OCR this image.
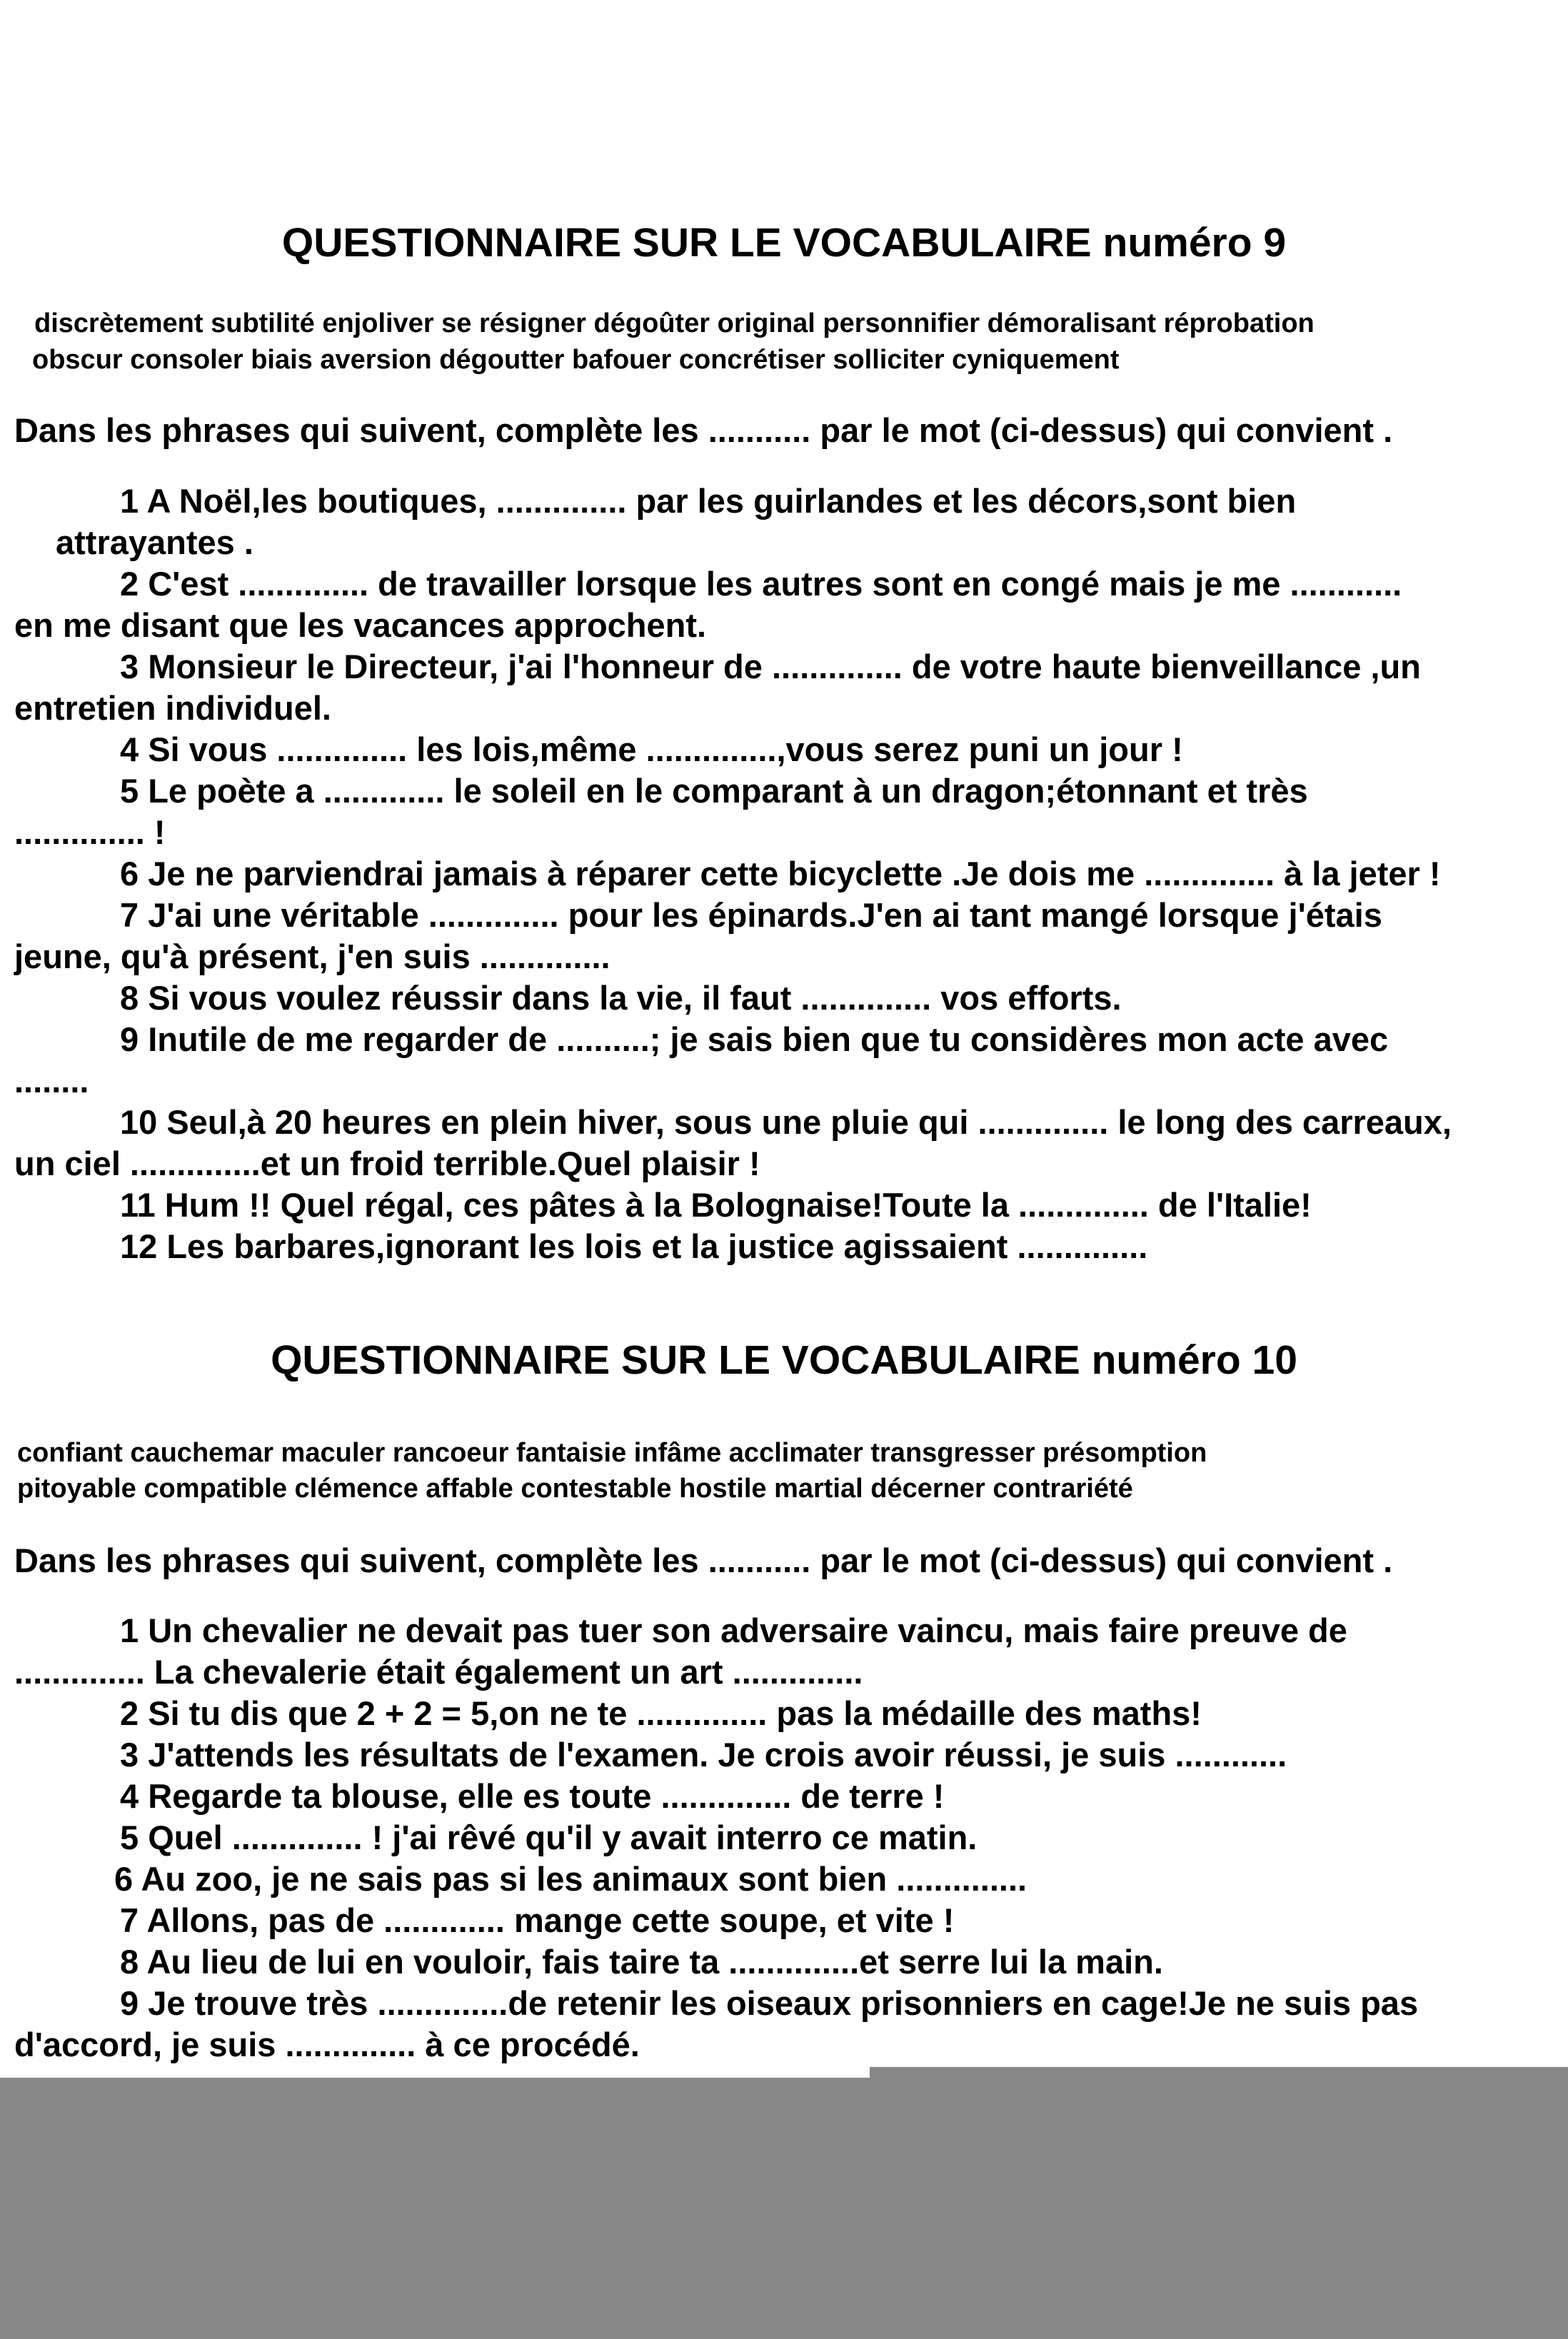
QUESTIONNAIRE SUR LE VOCABULAIRE numéro 9
discrètement subtilité enjoliver se résigner dégoûter original personnifier démoralisant réprobation
obscur consoler biais aversion dégoutter bafouer concrétiser solliciter cyniquement
Dans les phrases qui suivent, complète les ........... par le mot (ci-dessus) qui convient .
1 A Noël,les boutiques, .............. par les guirlandes et les décors,sont bien
attrayantes .
2 C'est .............. de travailler lorsque les autres sont en congé mais je me ............
en me disant que les vacances approchent.
3 Monsieur le Directeur, j'ai l'honneur de .............. de votre haute bienveillance ,un
entretien individuel.
4 Si vous .............. les lois,même ..............,vous serez puni un jour !
5 Le poète a ............. le soleil en le comparant à un dragon;étonnant et très
.............. !
6 Je ne parviendrai jamais à réparer cette bicyclette .Je dois me .............. à la jeter !
7 J'ai une véritable .............. pour les épinards.J'en ai tant mangé lorsque j'étais
jeune, qu'à présent, j'en suis ..............
8 Si vous voulez réussir dans la vie, il faut .............. vos efforts.
9 Inutile de me regarder de ..........; je sais bien que tu considères mon acte avec
........
10 Seul,à 20 heures en plein hiver, sous une pluie qui .............. le long des carreaux,
un ciel ..............et un froid terrible.Quel plaisir !
11 Hum !! Quel régal, ces pâtes à la Bolognaise!Toute la .............. de l'Italie!
12 Les barbares,ignorant les lois et la justice agissaient ..............
QUESTIONNAIRE SUR LE VOCABULAIRE numéro 10
confiant cauchemar maculer rancoeur fantaisie infâme acclimater transgresser présomption
pitoyable compatible clémence affable contestable hostile martial décerner contrariété
Dans les phrases qui suivent, complète les ........... par le mot (ci-dessus) qui convient .
1 Un chevalier ne devait pas tuer son adversaire vaincu, mais faire preuve de
.............. La chevalerie était également un art ..............
2 Si tu dis que 2 + 2 = 5,on ne te .............. pas la médaille des maths!
3 J'attends les résultats de l'examen. Je crois avoir réussi, je suis ............
4 Regarde ta blouse, elle es toute .............. de terre !
5 Quel .............. ! j'ai rêvé qu'il y avait interro ce matin.
6 Au zoo, je ne sais pas si les animaux sont bien ..............
7 Allons, pas de ............. mange cette soupe, et vite !
8 Au lieu de lui en vouloir, fais taire ta ..............et serre lui la main.
9 Je trouve très ..............de retenir les oiseaux prisonniers en cage!Je ne suis pas
d'accord, je suis .............. à ce procédé.
